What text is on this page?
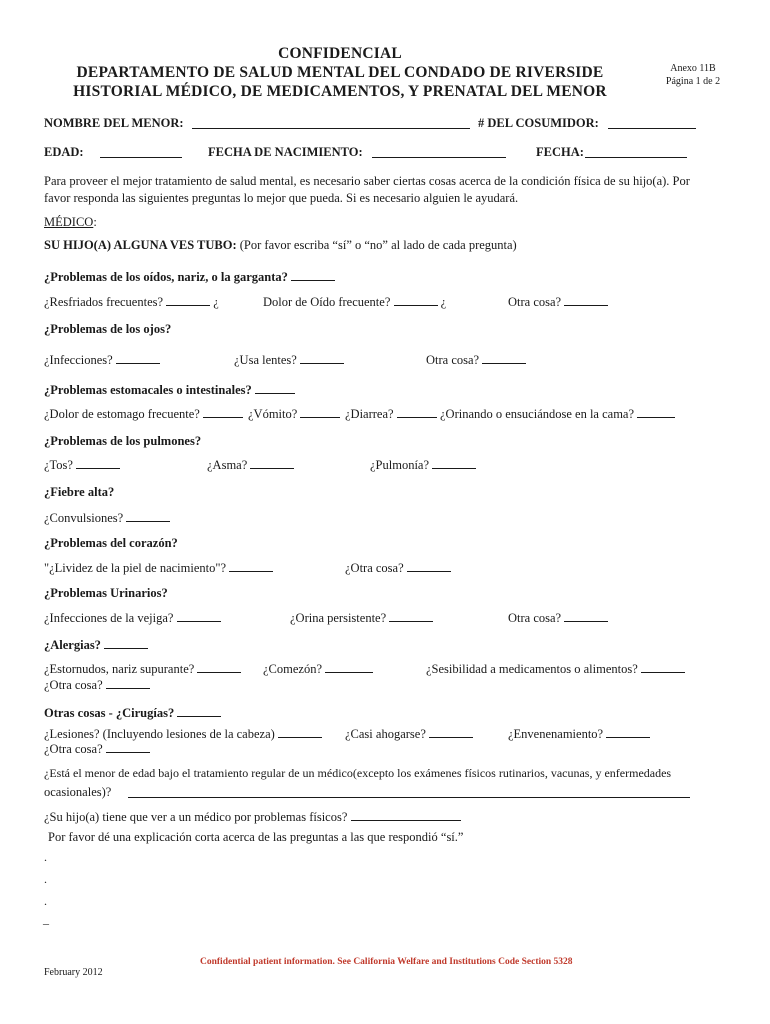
CONFIDENCIAL
DEPARTAMENTO DE SALUD MENTAL DEL CONDADO DE RIVERSIDE
HISTORIAL MÉDICO, DE MEDICAMENTOS, Y PRENATAL DEL MENOR
Anexo 11B
Página 1 de 2
NOMBRE DEL MENOR:	# DEL COSUMIDOR:
EDAD:	FECHA DE NACIMIENTO:	FECHA:
Para proveer el mejor tratamiento de salud mental, es necesario saber ciertas cosas acerca de la condición física de su hijo(a). Por favor responda las siguientes preguntas lo mejor que pueda. Si es necesario alguien le ayudará.
MÉDICO:
SU HIJO(A) ALGUNA VES TUBO: (Por favor escriba “sí” o “no” al lado de cada pregunta)
¿Problemas de los oídos, nariz, o la garganta?
¿Resfriados frecuentes?	¿	Dolor de Oído frecuente?	¿	Otra cosa?
¿Problemas de los ojos?
¿Infecciones?	¿Usa lentes?	Otra cosa?
¿Problemas estomacales o intestinales?
¿Dolor de estomago frecuente?	¿Vómito?	¿Diarrea?	¿Orinando o ensuciándose en la cama?
¿Problemas de los pulmones?
¿Tos?	¿Asma?	¿Pulmonía?
¿Fiebre alta?
¿Convulsiones?
¿Problemas del corazón?
"¿Lividez de la piel de nacimiento"?	¿Otra cosa?
¿Problemas Urinarios?
¿Infecciones de la vejiga?	¿Orina persistente?	Otra cosa?
¿Alergias?
¿Estornudos, nariz supurante?	¿Comezón?	¿Sesibilidad a medicamentos o alimentos?
¿Otra cosa?
Otras cosas - ¿Cirugías?
¿Lesiones? (Incluyendo lesiones de la cabeza)	¿Casi ahogarse?	¿Envenenamiento?
¿Otra cosa?
¿Está el menor de edad bajo el tratamiento regular de un médico(excepto los exámenes físicos rutinarios, vacunas, y enfermedades
ocasionales)?
¿Su hijo(a) tiene que ver a un médico por problemas físicos?
Por favor dé una explicación corta acerca de las preguntas a las que respondió “sí.”
.
.
.
_
Confidential patient information. See California Welfare and Institutions Code Section 5328
February 2012
